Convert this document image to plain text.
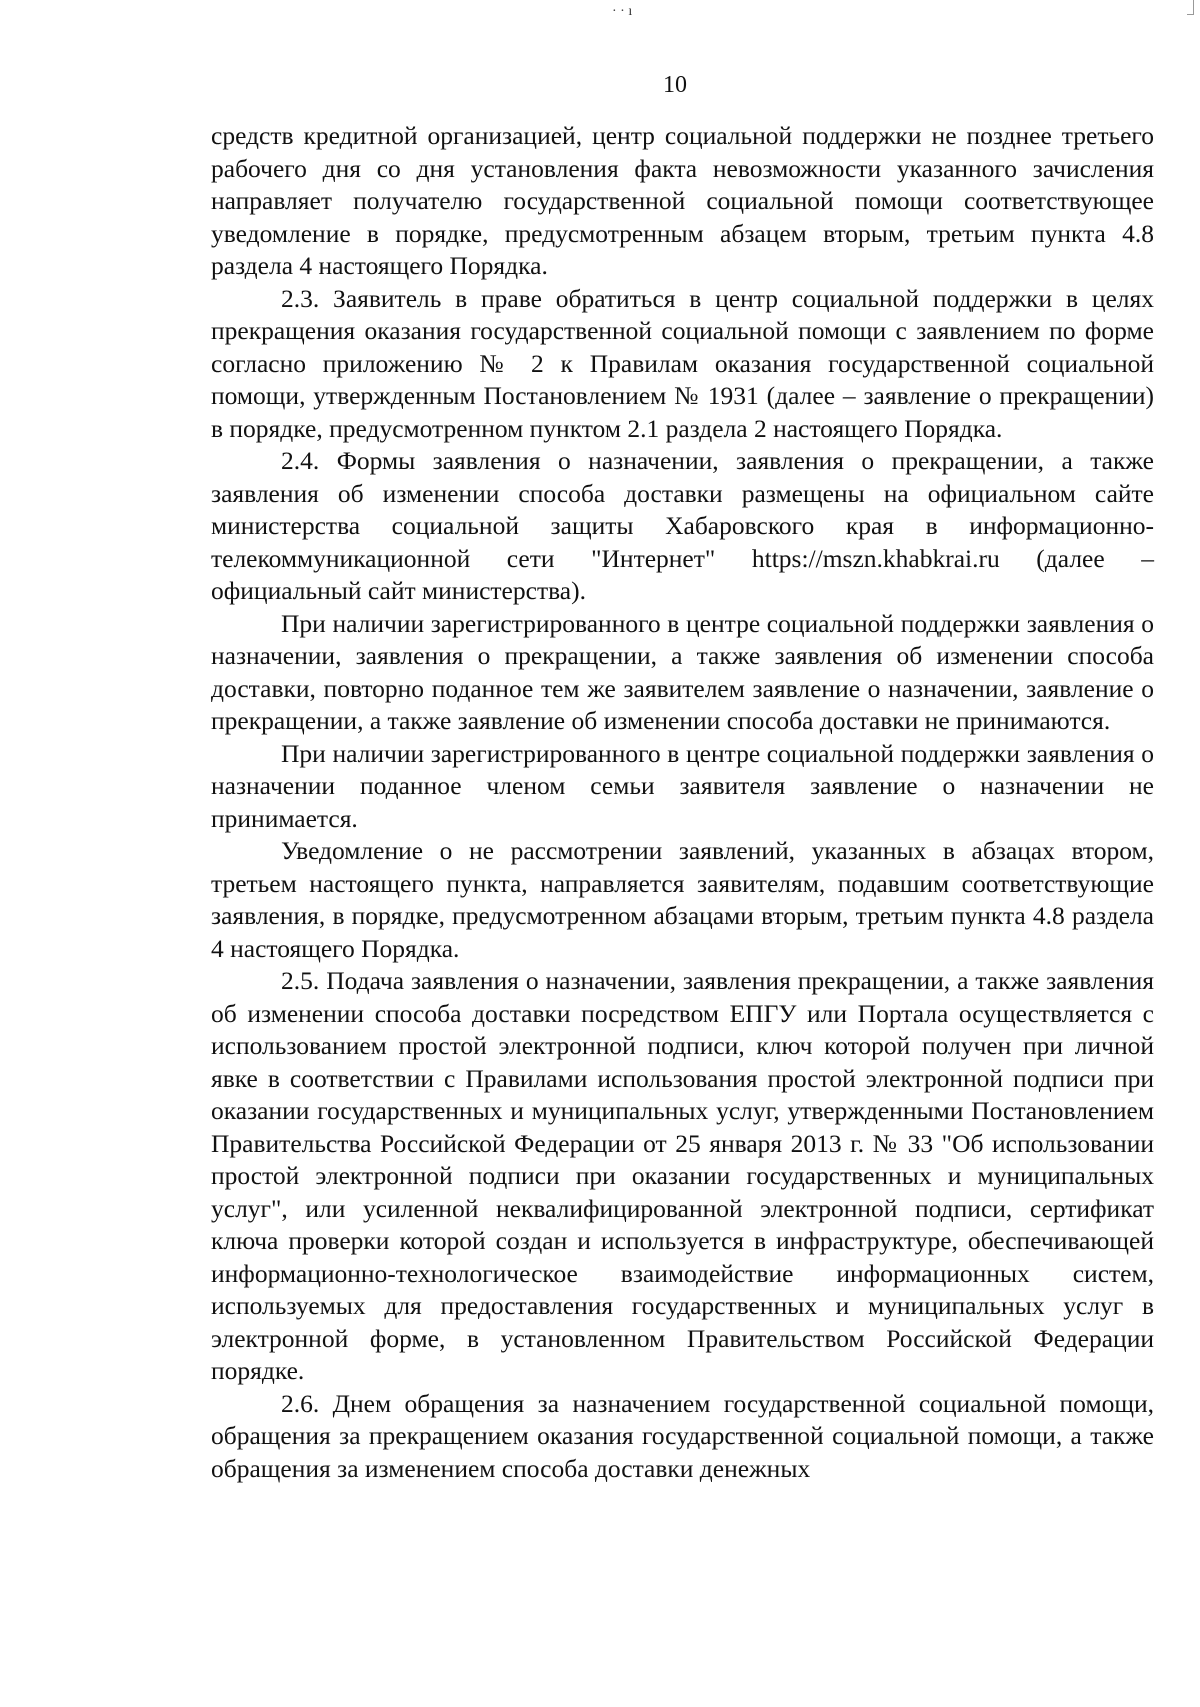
· · ı
10

средств кредитной организацией, центр социальной поддержки не позднее третьего рабочего дня со дня установления факта невозможности указанного зачисления направляет получателю государственной социальной помощи соответствующее уведомление в порядке, предусмотренным абзацем вторым, третьим пункта 4.8 раздела 4 настоящего Порядка.

2.3. Заявитель в праве обратиться в центр социальной поддержки в целях прекращения оказания государственной социальной помощи с заявлением по форме согласно приложению № 2 к Правилам оказания государственной социальной помощи, утвержденным Постановлением № 1931 (далее – заявление о прекращении) в порядке, предусмотренном пунктом 2.1 раздела 2 настоящего Порядка.

2.4. Формы заявления о назначении, заявления о прекращении, а также заявления об изменении способа доставки размещены на официальном сайте министерства социальной защиты Хабаровского края в информационно-телекоммуникационной сети "Интернет" https://mszn.khabkrai.ru (далее – официальный сайт министерства).

При наличии зарегистрированного в центре социальной поддержки заявления о назначении, заявления о прекращении, а также заявления об изменении способа доставки, повторно поданное тем же заявителем заявление о назначении, заявление о прекращении, а также заявление об изменении способа доставки не принимаются.

При наличии зарегистрированного в центре социальной поддержки заявления о назначении поданное членом семьи заявителя заявление о назначении не принимается.

Уведомление о не рассмотрении заявлений, указанных в абзацах втором, третьем настоящего пункта, направляется заявителям, подавшим соответствующие заявления, в порядке, предусмотренном абзацами вторым, третьим пункта 4.8 раздела 4 настоящего Порядка.

2.5. Подача заявления о назначении, заявления прекращении, а также заявления об изменении способа доставки посредством ЕПГУ или Портала осуществляется с использованием простой электронной подписи, ключ которой получен при личной явке в соответствии с Правилами использования простой электронной подписи при оказании государственных и муниципальных услуг, утвержденными Постановлением Правительства Российской Федерации от 25 января 2013 г. № 33 "Об использовании простой электронной подписи при оказании государственных и муниципальных услуг", или усиленной неквалифицированной электронной подписи, сертификат ключа проверки которой создан и используется в инфраструктуре, обеспечивающей информационно-технологическое взаимодействие информационных систем, используемых для предоставления государственных и муниципальных услуг в электронной форме, в установленном Правительством Российской Федерации порядке.

2.6. Днем обращения за назначением государственной социальной помощи, обращения за прекращением оказания государственной социальной помощи, а также обращения за изменением способа доставки денежных
